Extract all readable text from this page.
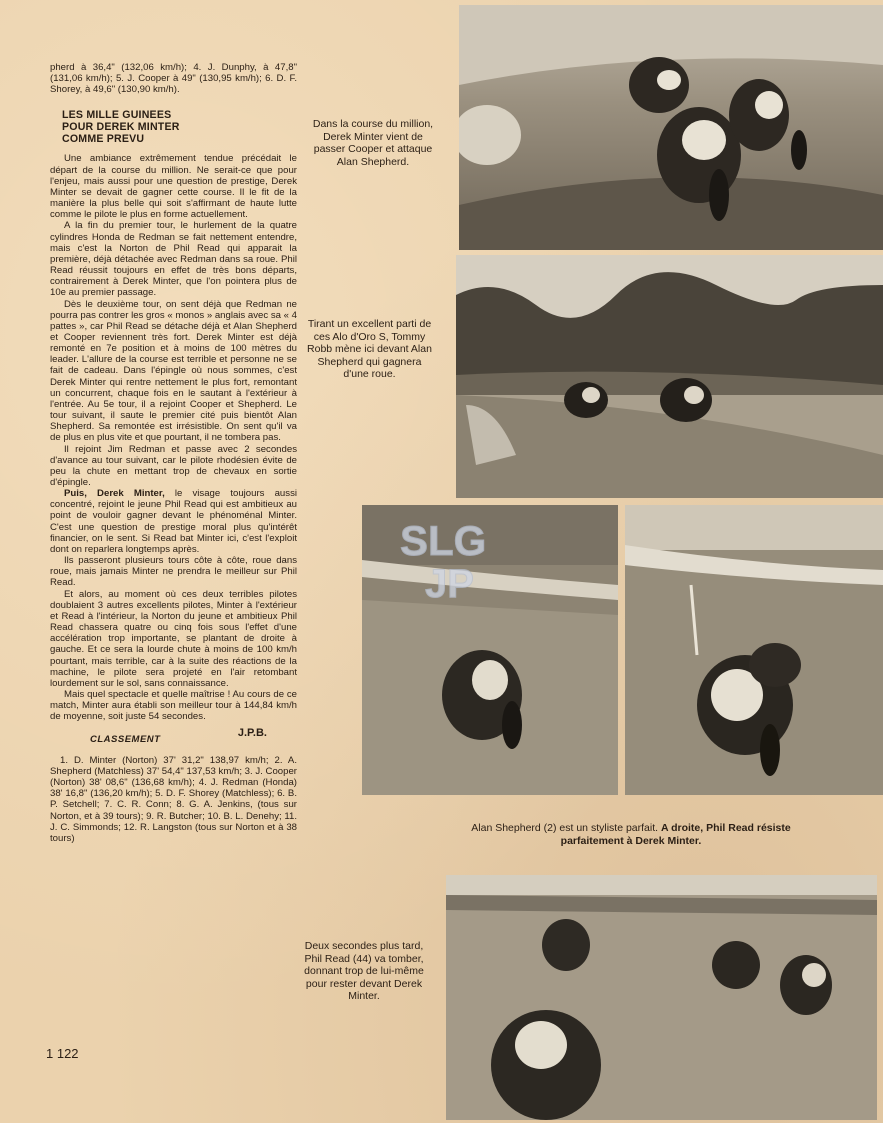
pherd à 36,4" (132,06 km/h); 4. J. Dunphy, à 47,8" (131,06 km/h); 5. J. Cooper à 49" (130,95 km/h); 6. D. F. Shorey, à 49,6" (130,90 km/h).

LES MILLE GUINEES
POUR DEREK MINTER
COMME PREVU

Une ambiance extrêmement tendue précédait le départ de la course du million. Ne serait-ce que pour l'enjeu, mais aussi pour une question de prestige, Derek Minter se devait de gagner cette course. Il le fit de la manière la plus belle qui soit s'affirmant de haute lutte comme le pilote le plus en forme actuellement.

A la fin du premier tour, le hurlement de la quatre cylindres Honda de Redman se fait nettement entendre, mais c'est la Norton de Phil Read qui apparait la première, déjà détachée avec Redman dans sa roue. Phil Read réussit toujours en effet de très bons départs, contrairement à Derek Minter, que l'on pointera plus de 10e au premier passage.

Dès le deuxième tour, on sent déjà que Redman ne pourra pas contrer les gros « monos » anglais avec sa « 4 pattes », car Phil Read se détache déjà et Alan Shepherd et Cooper reviennent très fort. Derek Minter est déjà remonté en 7e position et à moins de 100 mètres du leader. L'allure de la course est terrible et personne ne se fait de cadeau. Dans l'épingle où nous sommes, c'est Derek Minter qui rentre nettement le plus fort, remontant un concurrent, chaque fois en le sautant à l'extérieur à l'entrée. Au 5e tour, il a rejoint Cooper et Shepherd. Le tour suivant, il saute le premier cité puis bientôt Alan Shepherd. Sa remontée est irrésistible. On sent qu'il va de plus en plus vite et que pourtant, il ne tombera pas.

Il rejoint Jim Redman et passe avec 2 secondes d'avance au tour suivant, car le pilote rhodésien évite de peu la chute en mettant trop de chevaux en sortie d'épingle.

Puis, Derek Minter, le visage toujours aussi concentré, rejoint le jeune Phil Read qui est ambitieux au point de vouloir gagner devant le phénoménal Minter. C'est une question de prestige moral plus qu'intérêt financier, on le sent. Si Read bat Minter ici, c'est l'exploit dont on reparlera longtemps après.

Ils passeront plusieurs tours côte à côte, roue dans roue, mais jamais Minter ne prendra le meilleur sur Phil Read.

Et alors, au moment où ces deux terribles pilotes doublaient 3 autres excellents pilotes, Minter à l'extérieur et Read à l'intérieur, la Norton du jeune et ambitieux Phil Read chassera quatre ou cinq fois sous l'effet d'une accélération trop importante, se plantant de droite à gauche. Et ce sera la lourde chute à moins de 100 km/h pourtant, mais terrible, car à la suite des réactions de la machine, le pilote sera projeté en l'air retombant lourdement sur le sol, sans connaissance.

Mais quel spectacle et quelle maîtrise ! Au cours de ce match, Minter aura établi son meilleur tour à 144,84 km/h de moyenne, soit juste 54 secondes.

J.P.B.
CLASSEMENT

1. D. Minter (Norton) 37' 31,2" 138,97 km/h; 2. A. Shepherd (Matchless) 37' 54,4" 137,53 km/h; 3. J. Cooper (Norton) 38' 08,6" (136,68 km/h); 4. J. Redman (Honda) 38' 16,8" (136,20 km/h); 5. D. F. Shorey (Matchless); 6. B. P. Setchell; 7. C. R. Conn; 8. G. A. Jenkins, (tous sur Norton, et à 39 tours); 9. R. Butcher; 10. B. L. Denehy; 11. J. C. Simmonds; 12. R. Langston (tous sur Norton et à 38 tours)

1 122
SLG
JP
Dans la course du million, Derek Minter vient de passer Cooper et attaque Alan Shepherd.
Tirant un excellent parti de ces Alo d'Oro S, Tommy Robb mène ici devant Alan Shepherd qui gagnera d'une roue.
Alan Shepherd (2) est un styliste parfait. A droite, Phil Read résiste parfaitement à Derek Minter.
Deux secondes plus tard, Phil Read (44) va tomber, donnant trop de lui-même pour rester devant Derek Minter.
